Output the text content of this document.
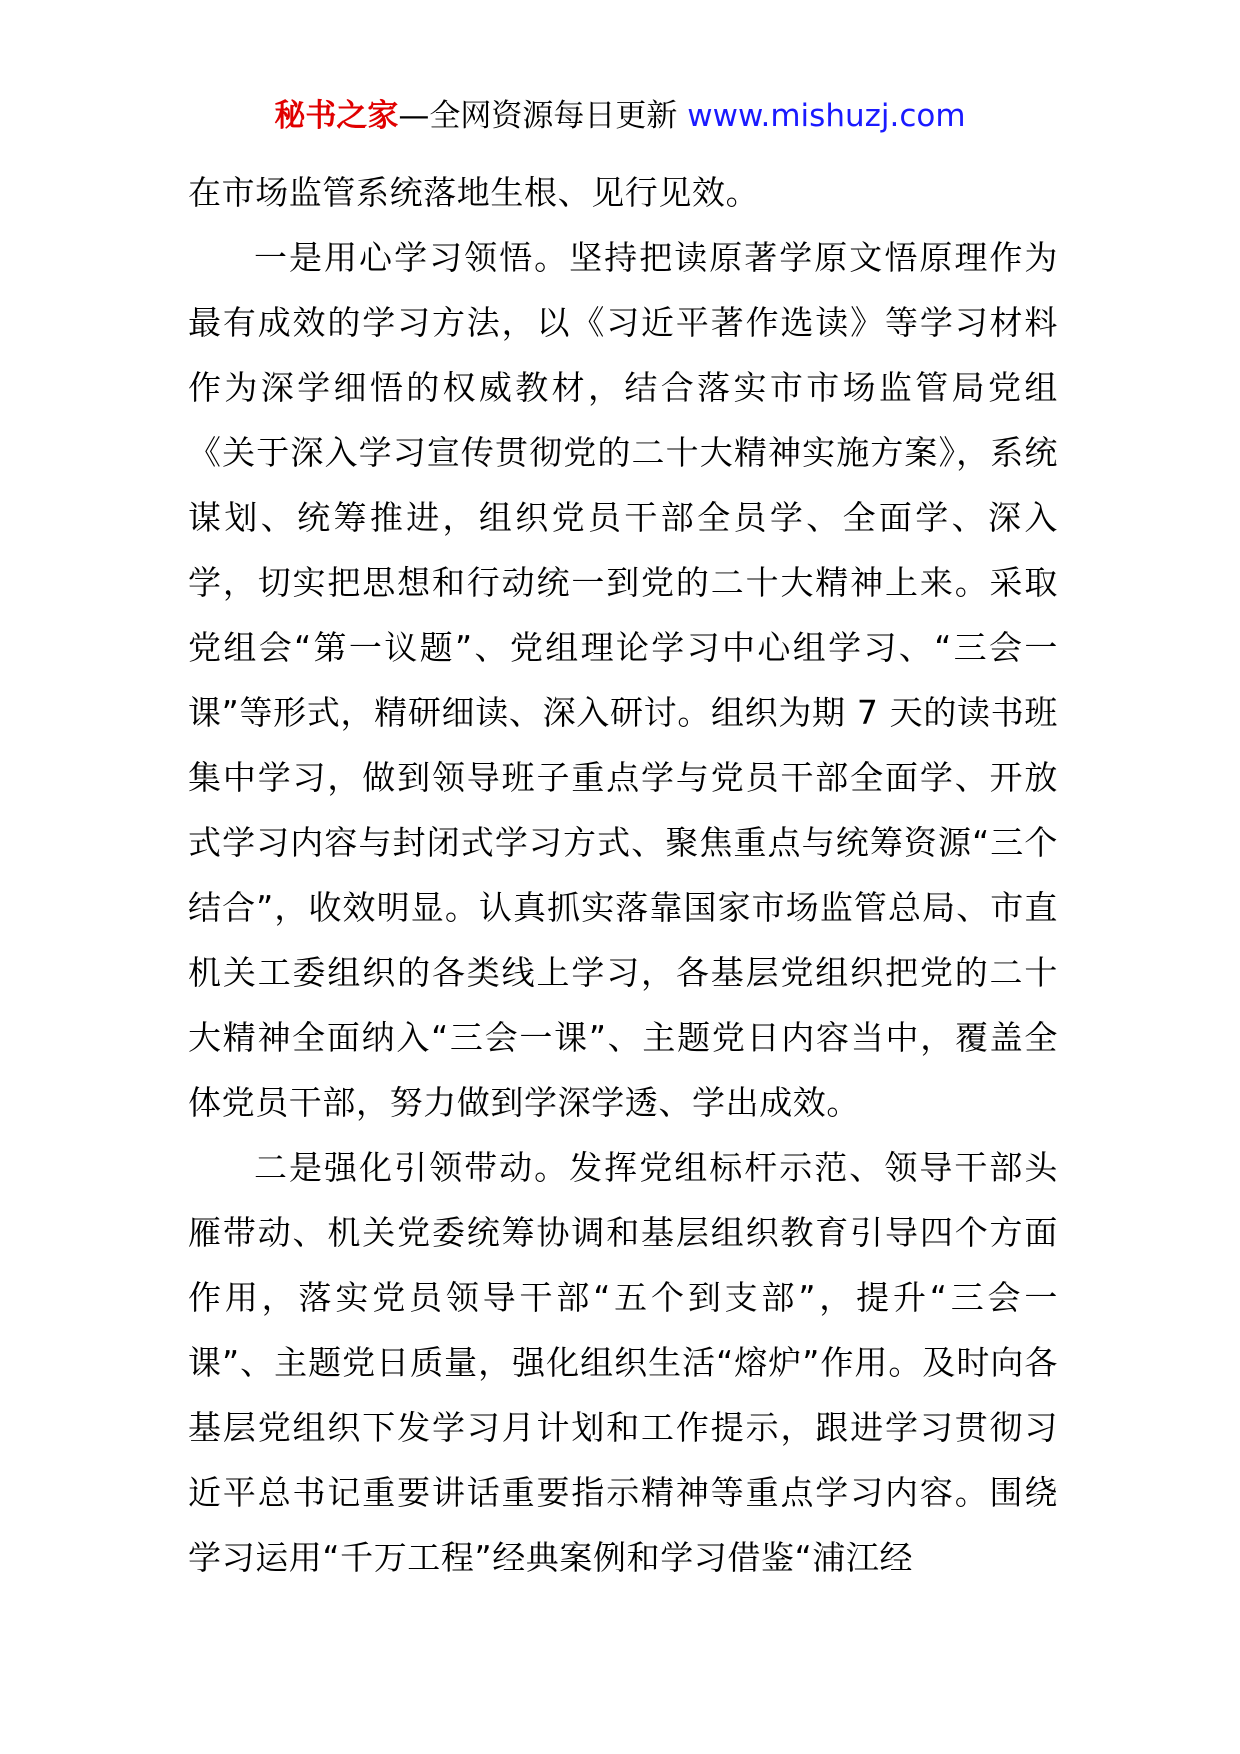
秘书之家—全网资源每日更新 www.mishuzj.com

在市场监管系统落地生根、见行见效。

一是用心学习领悟。坚持把读原著学原文悟原理作为最有成效的学习方法，以《习近平著作选读》等学习材料作为深学细悟的权威教材，结合落实市市场监管局党组《关于深入学习宣传贯彻党的二十大精神实施方案》，系统谋划、统筹推进，组织党员干部全员学、全面学、深入学，切实把思想和行动统一到党的二十大精神上来。采取党组会“第一议题”、党组理论学习中心组学习、“三会一课”等形式，精研细读、深入研讨。组织为期 7 天的读书班集中学习，做到领导班子重点学与党员干部全面学、开放式学习内容与封闭式学习方式、聚焦重点与统筹资源“三个结合”，收效明显。认真抓实落靠国家市场监管总局、市直机关工委组织的各类线上学习，各基层党组织把党的二十大精神全面纳入“三会一课”、主题党日内容当中，覆盖全体党员干部，努力做到学深学透、学出成效。

二是强化引领带动。发挥党组标杆示范、领导干部头雁带动、机关党委统筹协调和基层组织教育引导四个方面作用，落实党员领导干部“五个到支部”，提升“三会一课”、主题党日质量，强化组织生活“熔炉”作用。及时向各基层党组织下发学习月计划和工作提示，跟进学习贯彻习近平总书记重要讲话重要指示精神等重点学习内容。围绕学习运用“千万工程”经典案例和学习借鉴“浦江经
